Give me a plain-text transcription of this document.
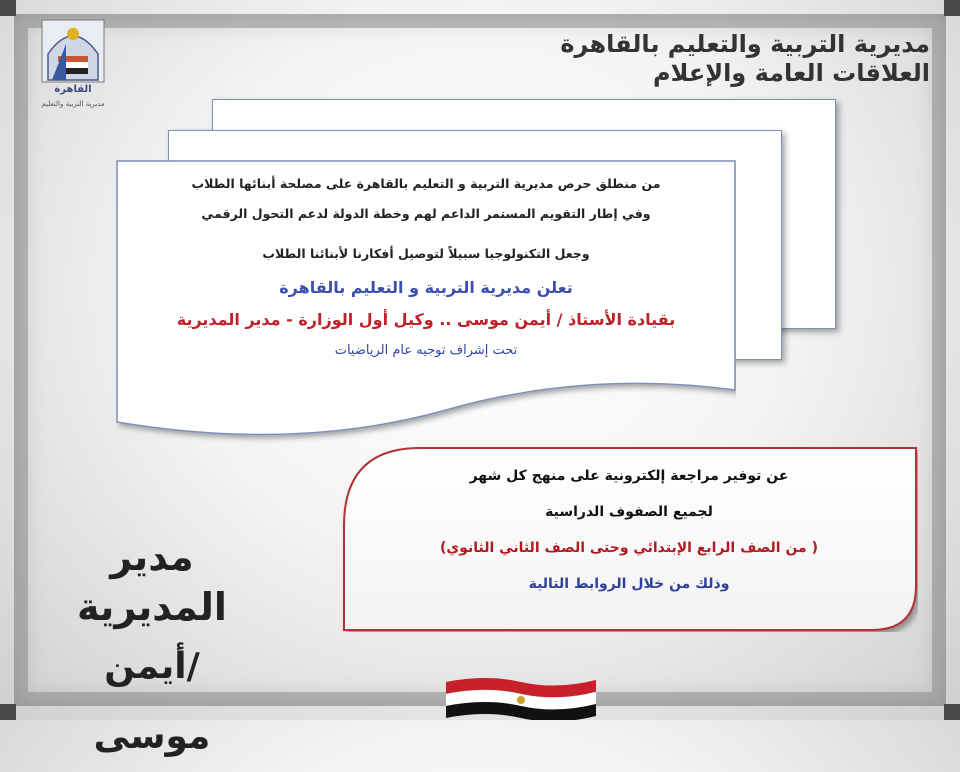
القاهرة
مديرية التربية والتعليم
مديرية التربية والتعليم بالقاهرة
العلاقات العامة والإعلام

من منطلق حرص مديرية التربية و التعليم بالقاهرة على مصلحة أبنائها الطلاب

وفي إطار التقويم المستمر الداعم لهم وخطة الدولة لدعم التحول الرقمي

وجعل التكنولوجيا سبيلاً لتوصيل أفكارنا لأبنائنا الطلاب

تعلن مديرية التربية و التعليم بالقاهرة

بقيادة الأستاذ / أيمن موسى .. وكيل أول الوزارة - مدير المديرية

تحت إشراف توجيه عام الرياضيات

عن توفير مراجعة إلكترونية على منهج كل شهر

لجميع الصفوف الدراسية

( من الصف الرابع الإبتدائي وحتى الصف الثاني الثانوي)

وذلك من خلال الروابط التالية

مدير المديرية
/أيمن موسى
